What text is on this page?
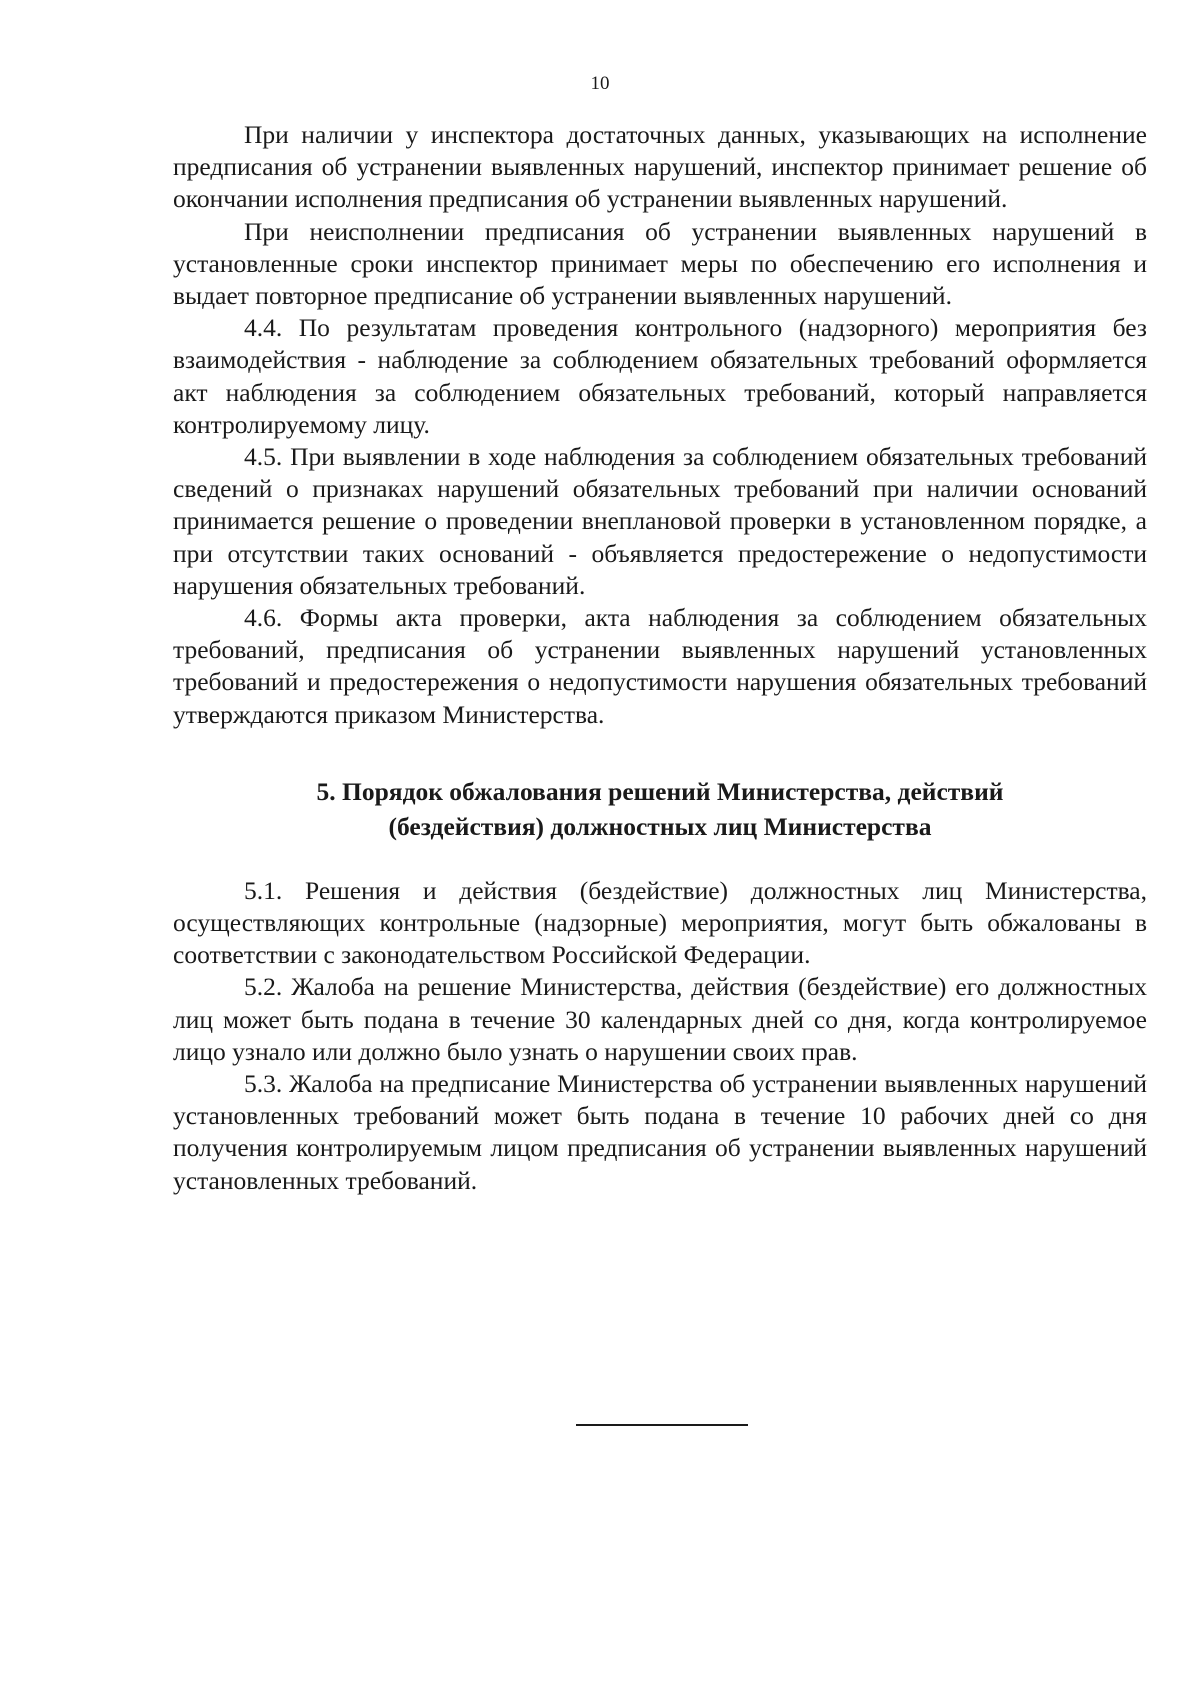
10

При наличии у инспектора достаточных данных, указывающих на исполнение предписания об устранении выявленных нарушений, инспектор принимает решение об окончании исполнения предписания об устранении выявленных нарушений.

При неисполнении предписания об устранении выявленных нарушений в установленные сроки инспектор принимает меры по обеспечению его исполнения и выдает повторное предписание об устранении выявленных нарушений.

4.4. По результатам проведения контрольного (надзорного) мероприятия без взаимодействия - наблюдение за соблюдением обязательных требований оформляется акт наблюдения за соблюдением обязательных требований, который направляется контролируемому лицу.

4.5. При выявлении в ходе наблюдения за соблюдением обязательных требований сведений о признаках нарушений обязательных требований при наличии оснований принимается решение о проведении внеплановой проверки в установленном порядке, а при отсутствии таких оснований - объявляется предостережение о недопустимости нарушения обязательных требований.

4.6. Формы акта проверки, акта наблюдения за соблюдением обязательных требований, предписания об устранении выявленных нарушений установленных требований и предостережения о недопустимости нарушения обязательных требований утверждаются приказом Министерства.

5. Порядок обжалования решений Министерства, действий
(бездействия) должностных лиц Министерства

5.1. Решения и действия (бездействие) должностных лиц Министерства, осуществляющих контрольные (надзорные) мероприятия, могут быть обжалованы в соответствии с законодательством Российской Федерации.

5.2. Жалоба на решение Министерства, действия (бездействие) его должностных лиц может быть подана в течение 30 календарных дней со дня, когда контролируемое лицо узнало или должно было узнать о нарушении своих прав.

5.3. Жалоба на предписание Министерства об устранении выявленных нарушений установленных требований может быть подана в течение 10 рабочих дней со дня получения контролируемым лицом предписания об устранении выявленных нарушений установленных требований.
